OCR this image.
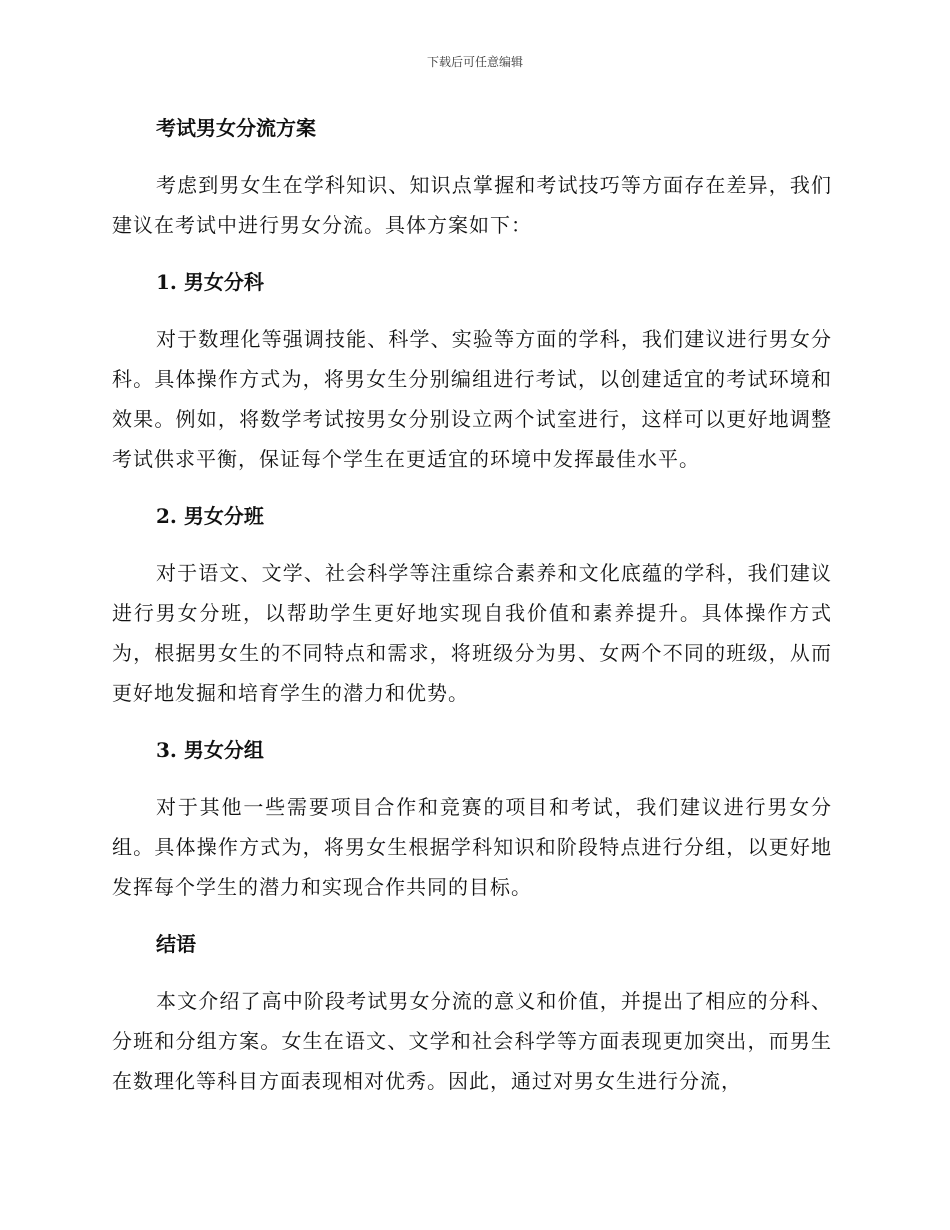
下载后可任意编辑
考试男女分流方案
考虑到男女生在学科知识、知识点掌握和考试技巧等方面存在差异，我们建议在考试中进行男女分流。具体方案如下：
1. 男女分科
对于数理化等强调技能、科学、实验等方面的学科，我们建议进行男女分科。具体操作方式为，将男女生分别编组进行考试，以创建适宜的考试环境和效果。例如，将数学考试按男女分别设立两个试室进行，这样可以更好地调整考试供求平衡，保证每个学生在更适宜的环境中发挥最佳水平。
2. 男女分班
对于语文、文学、社会科学等注重综合素养和文化底蕴的学科，我们建议进行男女分班，以帮助学生更好地实现自我价值和素养提升。具体操作方式为，根据男女生的不同特点和需求，将班级分为男、女两个不同的班级，从而更好地发掘和培育学生的潜力和优势。
3. 男女分组
对于其他一些需要项目合作和竞赛的项目和考试，我们建议进行男女分组。具体操作方式为，将男女生根据学科知识和阶段特点进行分组，以更好地发挥每个学生的潜力和实现合作共同的目标。
结语
本文介绍了高中阶段考试男女分流的意义和价值，并提出了相应的分科、分班和分组方案。女生在语文、文学和社会科学等方面表现更加突出，而男生在数理化等科目方面表现相对优秀。因此，通过对男女生进行分流，
